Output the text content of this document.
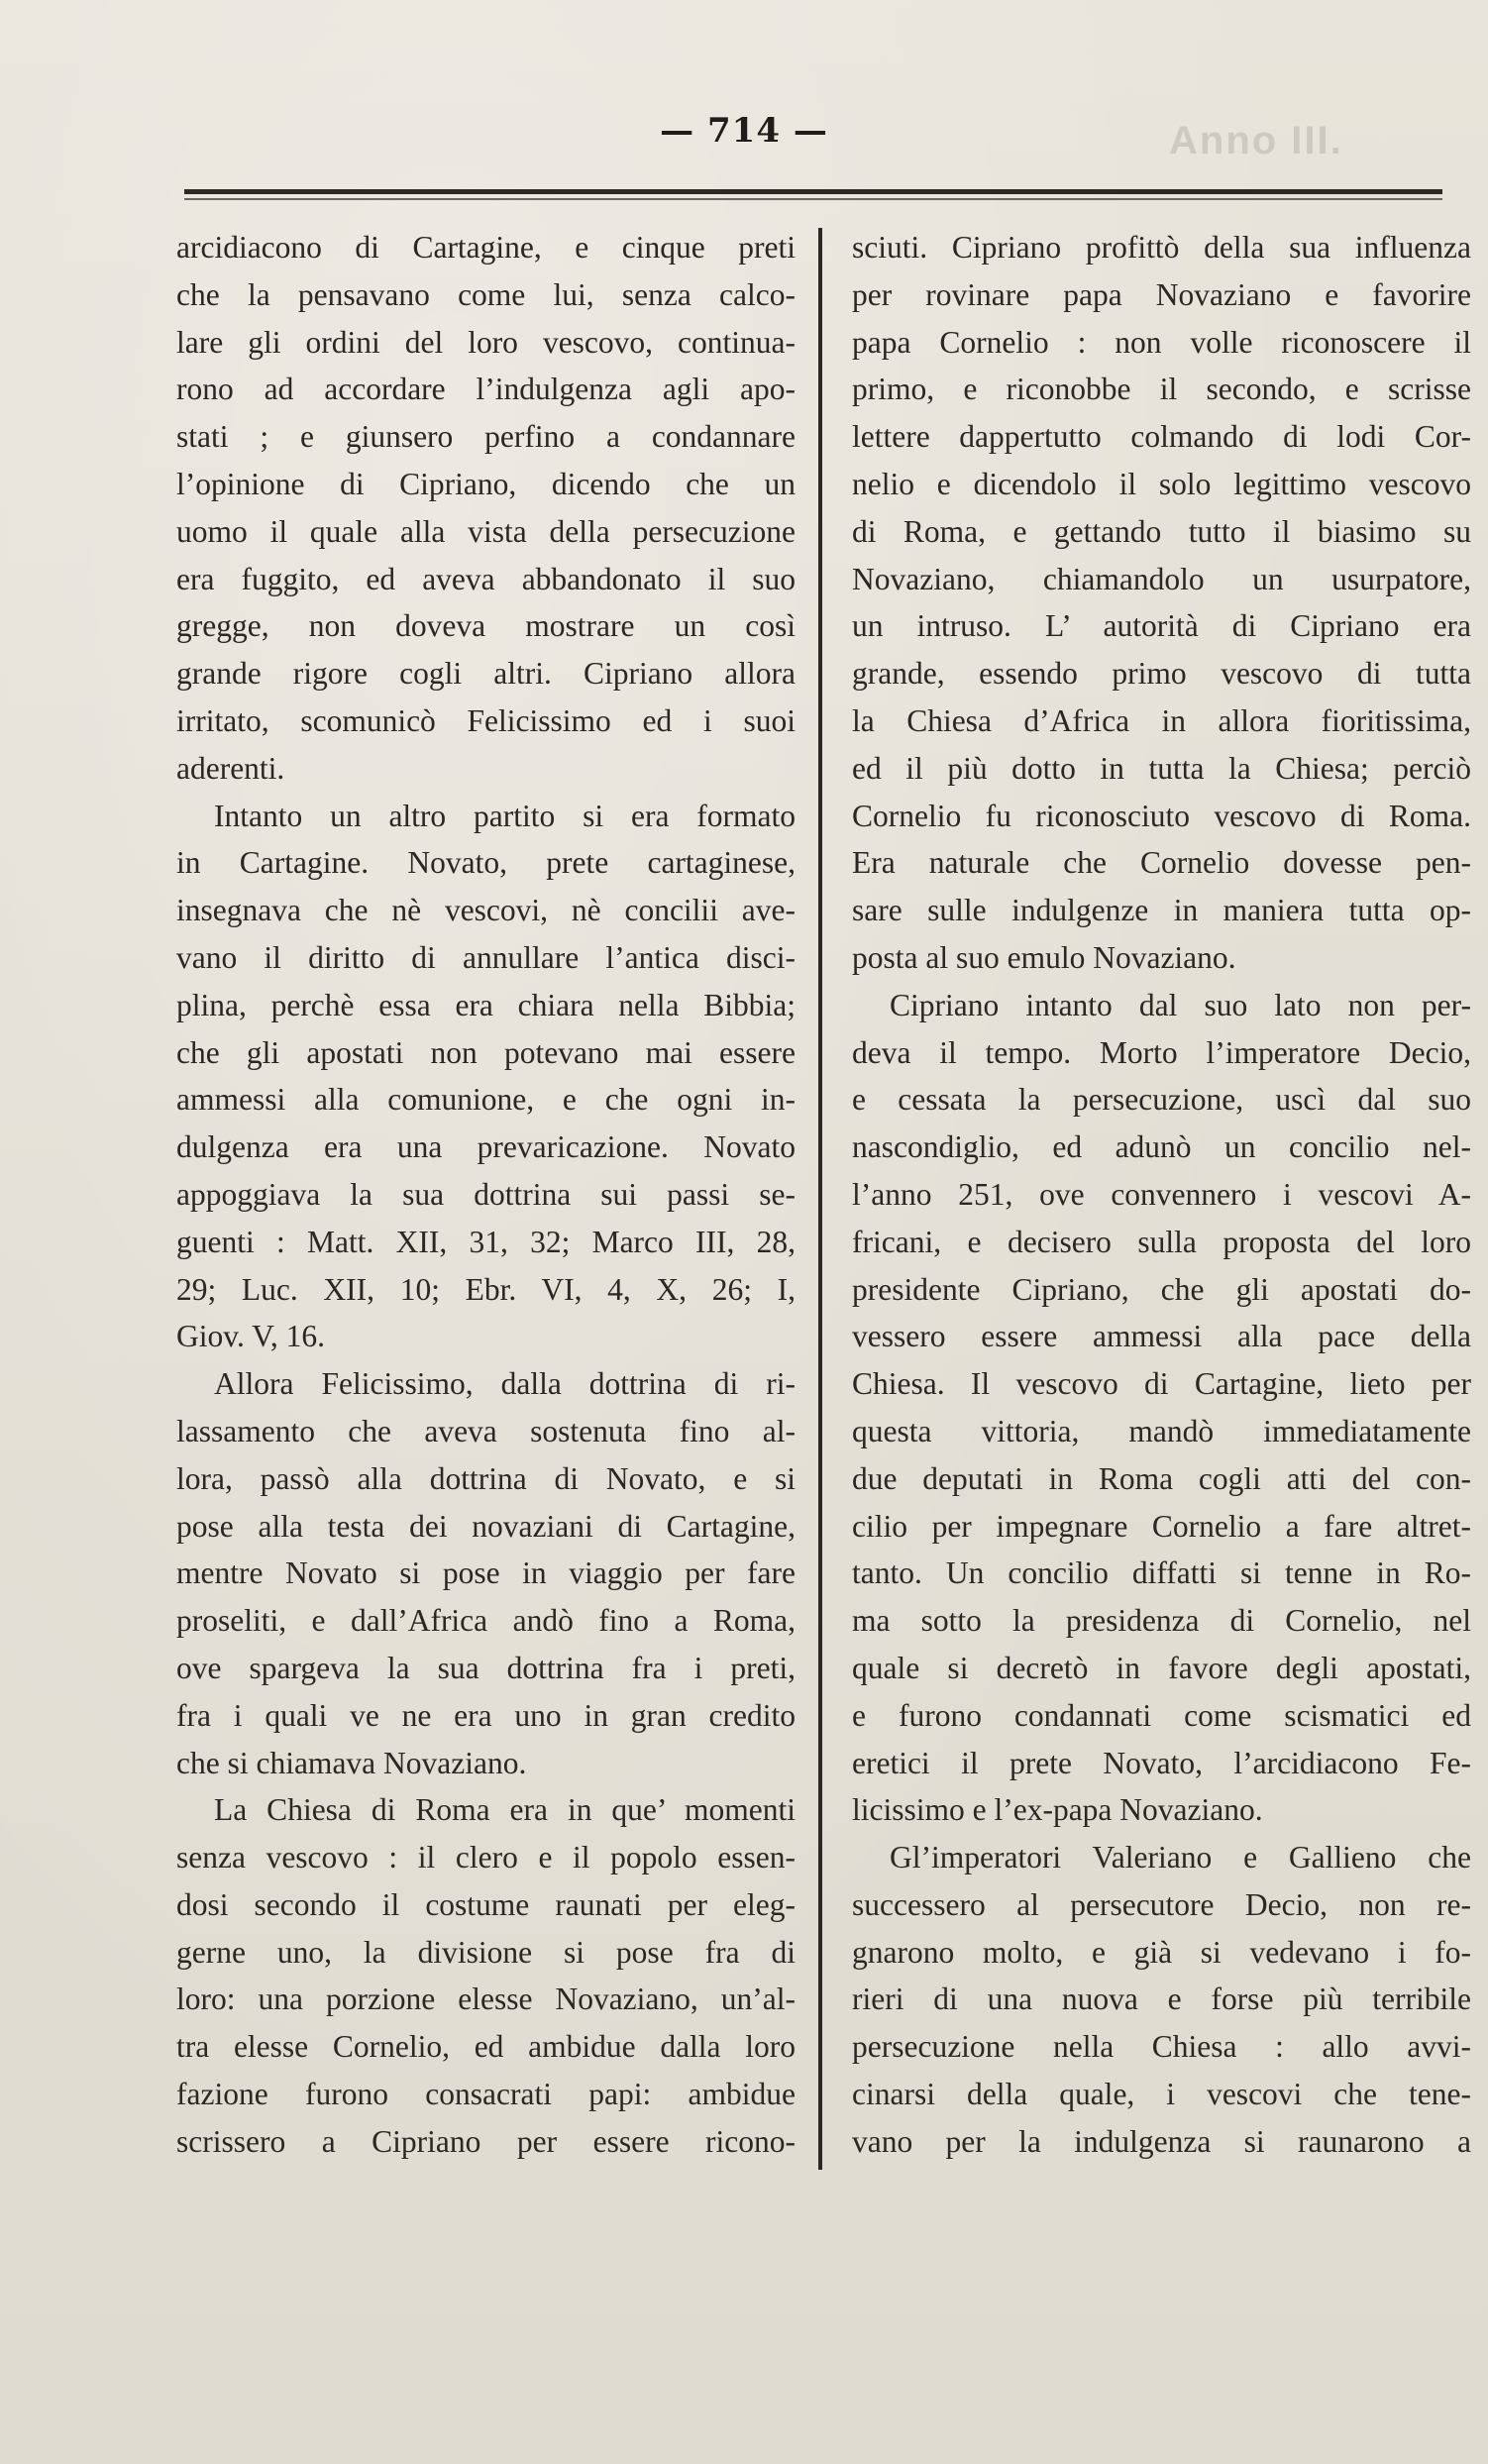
Anno III.
— 714 —
arcidiacono di Cartagine, e cinque preti
che la pensavano come lui, senza calco-
lare gli ordini del loro vescovo, continua-
rono ad accordare l’indulgenza agli apo-
stati ; e giunsero perfino a condannare
l’opinione di Cipriano, dicendo che un
uomo il quale alla vista della persecuzione
era fuggito, ed aveva abbandonato il suo
gregge, non doveva mostrare un così
grande rigore cogli altri. Cipriano allora
irritato, scomunicò Felicissimo ed i suoi
aderenti.
Intanto un altro partito si era formato
in Cartagine. Novato, prete cartaginese,
insegnava che nè vescovi, nè concilii ave-
vano il diritto di annullare l’antica disci-
plina, perchè essa era chiara nella Bibbia;
che gli apostati non potevano mai essere
ammessi alla comunione, e che ogni in-
dulgenza era una prevaricazione. Novato
appoggiava la sua dottrina sui passi se-
guenti : Matt. XII, 31, 32; Marco III, 28,
29; Luc. XII, 10; Ebr. VI, 4, X, 26; I,
Giov. V, 16.
Allora Felicissimo, dalla dottrina di ri-
lassamento che aveva sostenuta fino al-
lora, passò alla dottrina di Novato, e si
pose alla testa dei novaziani di Cartagine,
mentre Novato si pose in viaggio per fare
proseliti, e dall’Africa andò fino a Roma,
ove spargeva la sua dottrina fra i preti,
fra i quali ve ne era uno in gran credito
che si chiamava Novaziano.
La Chiesa di Roma era in que’ momenti
senza vescovo : il clero e il popolo essen-
dosi secondo il costume raunati per eleg-
gerne uno, la divisione si pose fra di
loro: una porzione elesse Novaziano, un’al-
tra elesse Cornelio, ed ambidue dalla loro
fazione furono consacrati papi: ambidue
scrissero a Cipriano per essere ricono-
sciuti. Cipriano profittò della sua influenza
per rovinare papa Novaziano e favorire
papa Cornelio : non volle riconoscere il
primo, e riconobbe il secondo, e scrisse
lettere dappertutto colmando di lodi Cor-
nelio e dicendolo il solo legittimo vescovo
di Roma, e gettando tutto il biasimo su
Novaziano, chiamandolo un usurpatore,
un intruso. L’ autorità di Cipriano era
grande, essendo primo vescovo di tutta
la Chiesa d’Africa in allora fioritissima,
ed il più dotto in tutta la Chiesa; perciò
Cornelio fu riconosciuto vescovo di Roma.
Era naturale che Cornelio dovesse pen-
sare sulle indulgenze in maniera tutta op-
posta al suo emulo Novaziano.
Cipriano intanto dal suo lato non per-
deva il tempo. Morto l’imperatore Decio,
e cessata la persecuzione, uscì dal suo
nascondiglio, ed adunò un concilio nel-
l’anno 251, ove convennero i vescovi A-
fricani, e decisero sulla proposta del loro
presidente Cipriano, che gli apostati do-
vessero essere ammessi alla pace della
Chiesa. Il vescovo di Cartagine, lieto per
questa vittoria, mandò immediatamente
due deputati in Roma cogli atti del con-
cilio per impegnare Cornelio a fare altret-
tanto. Un concilio diffatti si tenne in Ro-
ma sotto la presidenza di Cornelio, nel
quale si decretò in favore degli apostati,
e furono condannati come scismatici ed
eretici il prete Novato, l’arcidiacono Fe-
licissimo e l’ex-papa Novaziano.
Gl’imperatori Valeriano e Gallieno che
successero al persecutore Decio, non re-
gnarono molto, e già si vedevano i fo-
rieri di una nuova e forse più terribile
persecuzione nella Chiesa : allo avvi-
cinarsi della quale, i vescovi che tene-
vano per la indulgenza si raunarono a
